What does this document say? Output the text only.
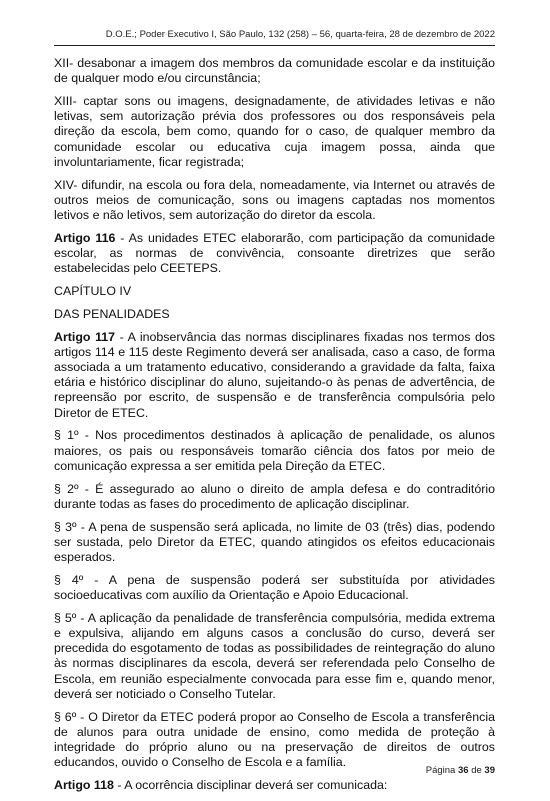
D.O.E.; Poder Executivo I, São Paulo, 132 (258) – 56, quarta-feira, 28 de dezembro de 2022

XII- desabonar a imagem dos membros da comunidade escolar e da instituição de qualquer modo e/ou circunstância;

XIII- captar sons ou imagens, designadamente, de atividades letivas e não letivas, sem autorização prévia dos professores ou dos responsáveis pela direção da escola, bem como, quando for o caso, de qualquer membro da comunidade escolar ou educativa cuja imagem possa, ainda que involuntariamente, ficar registrada;

XIV- difundir, na escola ou fora dela, nomeadamente, via Internet ou através de outros meios de comunicação, sons ou imagens captadas nos momentos letivos e não letivos, sem autorização do diretor da escola.

Artigo 116 - As unidades ETEC elaborarão, com participação da comunidade escolar, as normas de convivência, consoante diretrizes que serão estabelecidas pelo CEETEPS.

CAPÍTULO IV

DAS PENALIDADES

Artigo 117 - A inobservância das normas disciplinares fixadas nos termos dos artigos 114 e 115 deste Regimento deverá ser analisada, caso a caso, de forma associada a um tratamento educativo, considerando a gravidade da falta, faixa etária e histórico disciplinar do aluno, sujeitando-o às penas de advertência, de repreensão por escrito, de suspensão e de transferência compulsória pelo Diretor de ETEC.

§ 1º - Nos procedimentos destinados à aplicação de penalidade, os alunos maiores, os pais ou responsáveis tomarão ciência dos fatos por meio de comunicação expressa a ser emitida pela Direção da ETEC.

§ 2º - É assegurado ao aluno o direito de ampla defesa e do contraditório durante todas as fases do procedimento de aplicação disciplinar.

§ 3º - A pena de suspensão será aplicada, no limite de 03 (três) dias, podendo ser sustada, pelo Diretor da ETEC, quando atingidos os efeitos educacionais esperados.

§ 4º - A pena de suspensão poderá ser substituída por atividades socioeducativas com auxílio da Orientação e Apoio Educacional.

§ 5º - A aplicação da penalidade de transferência compulsória, medida extrema e expulsiva, alijando em alguns casos a conclusão do curso, deverá ser precedida do esgotamento de todas as possibilidades de reintegração do aluno às normas disciplinares da escola, deverá ser referendada pelo Conselho de Escola, em reunião especialmente convocada para esse fim e, quando menor, deverá ser noticiado o Conselho Tutelar.

§ 6º - O Diretor da ETEC poderá propor ao Conselho de Escola a transferência de alunos para outra unidade de ensino, como medida de proteção à integridade do próprio aluno ou na preservação de direitos de outros educandos, ouvido o Conselho de Escola e a família.

Artigo 118 - A ocorrência disciplinar deverá ser comunicada:

Página 36 de 39
